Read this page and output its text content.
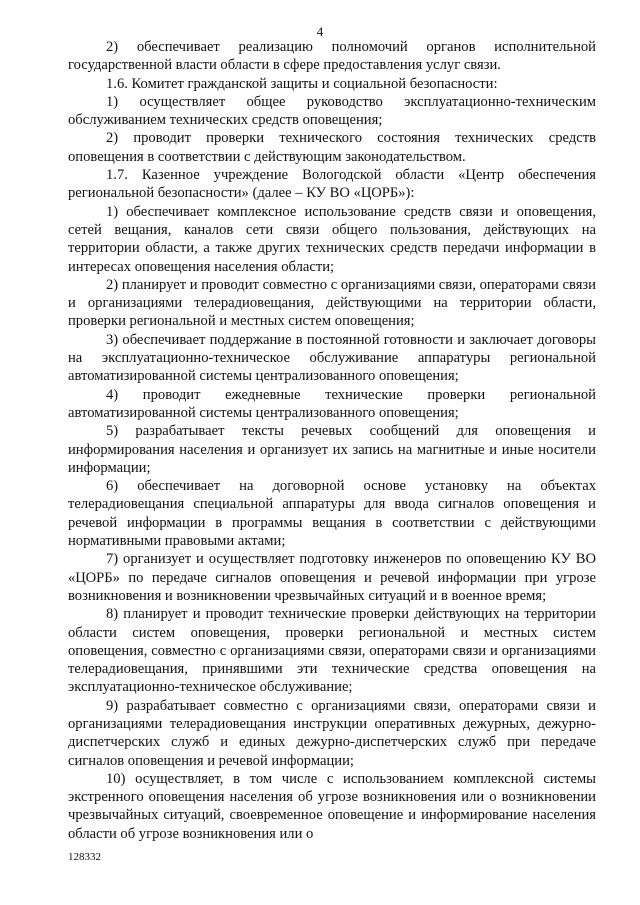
4

2) обеспечивает реализацию полномочий органов исполнительной государственной власти области в сфере предоставления услуг связи.

1.6. Комитет гражданской защиты и социальной безопасности:

1) осуществляет общее руководство эксплуатационно-техническим обслуживанием технических средств оповещения;

2) проводит проверки технического состояния технических средств оповещения в соответствии с действующим законодательством.

1.7. Казенное учреждение Вологодской области «Центр обеспечения региональной безопасности» (далее – КУ ВО «ЦОРБ»):

1) обеспечивает комплексное использование средств связи и оповещения, сетей вещания, каналов сети связи общего пользования, действующих на территории области, а также других технических средств передачи информации в интересах оповещения населения области;

2) планирует и проводит совместно с организациями связи, операторами связи и организациями телерадиовещания, действующими на территории области, проверки региональной и местных систем оповещения;

3) обеспечивает поддержание в постоянной готовности и заключает договоры на эксплуатационно-техническое обслуживание аппаратуры региональной автоматизированной системы централизованного оповещения;

4) проводит ежедневные технические проверки региональной автоматизированной системы централизованного оповещения;

5) разрабатывает тексты речевых сообщений для оповещения и информирования населения и организует их запись на магнитные и иные носители информации;

6) обеспечивает на договорной основе установку на объектах телерадиовещания специальной аппаратуры для ввода сигналов оповещения и речевой информации в программы вещания в соответствии с действующими нормативными правовыми актами;

7) организует и осуществляет подготовку инженеров по оповещению КУ ВО «ЦОРБ» по передаче сигналов оповещения и речевой информации при угрозе возникновения и возникновении чрезвычайных ситуаций и в военное время;

8) планирует и проводит технические проверки действующих на территории области систем оповещения, проверки региональной и местных систем оповещения, совместно с организациями связи, операторами связи и организациями телерадиовещания, принявшими эти технические средства оповещения на эксплуатационно-техническое обслуживание;

9) разрабатывает совместно с организациями связи, операторами связи и организациями телерадиовещания инструкции оперативных дежурных, дежурно-диспетчерских служб и единых дежурно-диспетчерских служб при передаче сигналов оповещения и речевой информации;

10) осуществляет, в том числе с использованием комплексной системы экстренного оповещения населения об угрозе возникновения или о возникновении чрезвычайных ситуаций, своевременное оповещение и информирование населения области об угрозе возникновения или о

128332
